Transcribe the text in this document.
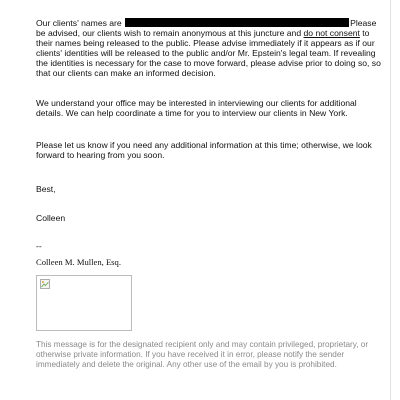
Our clients' names are	Please be advised, our clients wish to remain anonymous at this juncture and do not consent to their names being released to the public. Please advise immediately if it appears as if our clients' identities will be released to the public and/or Mr. Epstein's legal team. If revealing the identities is necessary for the case to move forward, please advise prior to doing so, so that our clients can make an informed decision.

We understand your office may be interested in interviewing our clients for additional details. We can help coordinate a time for you to interview our clients in New York.

Please let us know if you need any additional information at this time; otherwise, we look forward to hearing from you soon.

Best,

Colleen

--

Colleen M. Mullen, Esq.

This message is for the designated recipient only and may contain privileged, proprietary, or otherwise private information. If you have received it in error, please notify the sender immediately and delete the original. Any other use of the email by you is prohibited.
